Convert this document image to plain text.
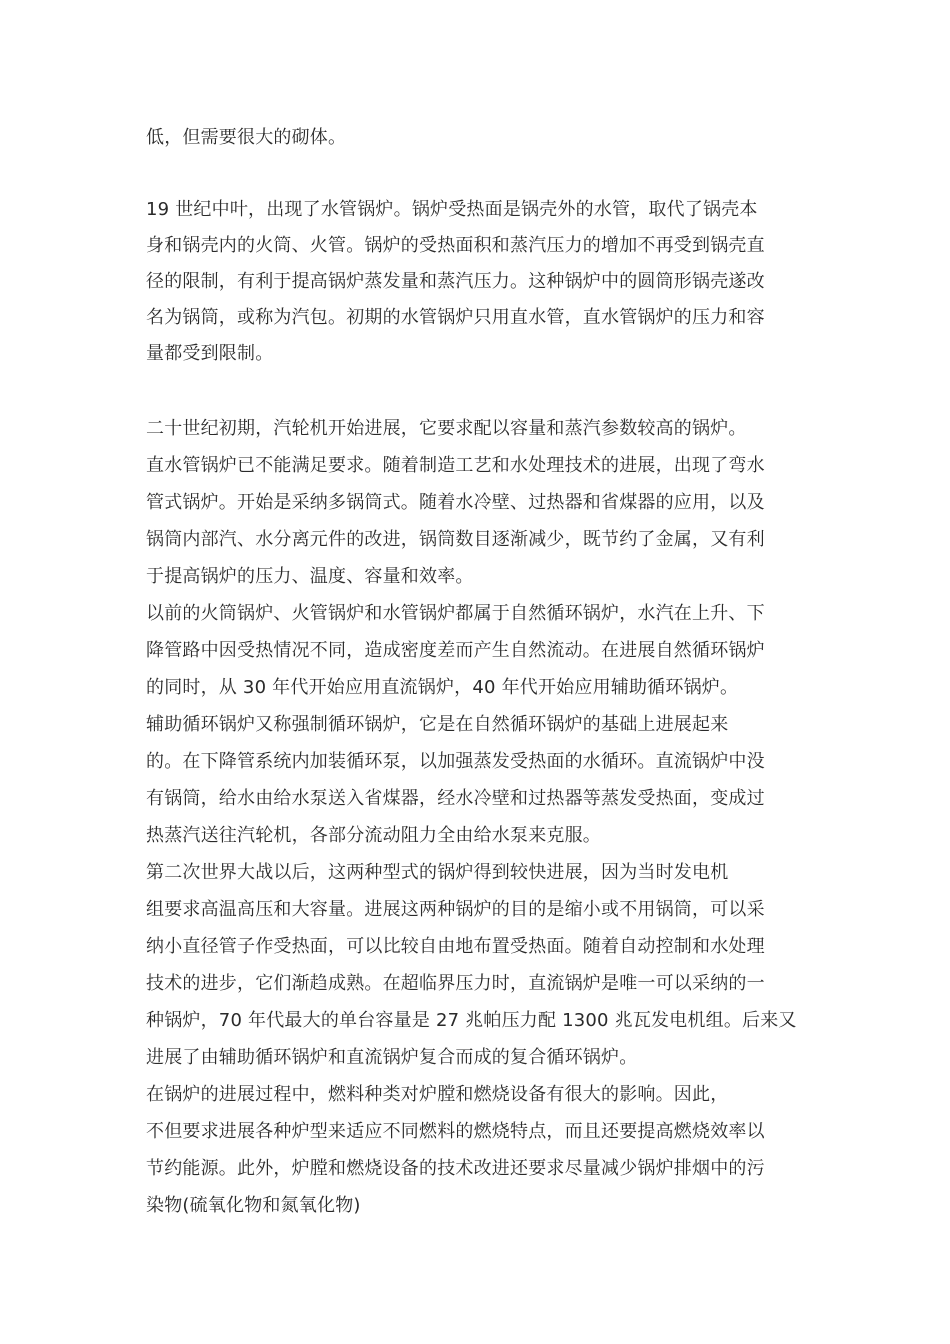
低，但需要很大的砌体。
19 世纪中叶，出现了水管锅炉。锅炉受热面是锅壳外的水管，取代了锅壳本
身和锅壳内的火筒、火管。锅炉的受热面积和蒸汽压力的增加不再受到锅壳直
径的限制，有利于提高锅炉蒸发量和蒸汽压力。这种锅炉中的圆筒形锅壳遂改
名为锅筒，或称为汽包。初期的水管锅炉只用直水管，直水管锅炉的压力和容
量都受到限制。
二十世纪初期，汽轮机开始进展，它要求配以容量和蒸汽参数较高的锅炉。
直水管锅炉已不能满足要求。随着制造工艺和水处理技术的进展，出现了弯水
管式锅炉。开始是采纳多锅筒式。随着水冷壁、过热器和省煤器的应用，以及
锅筒内部汽、水分离元件的改进，锅筒数目逐渐减少，既节约了金属，又有利
于提高锅炉的压力、温度、容量和效率。
以前的火筒锅炉、火管锅炉和水管锅炉都属于自然循环锅炉，水汽在上升、下
降管路中因受热情况不同，造成密度差而产生自然流动。在进展自然循环锅炉
的同时，从 30 年代开始应用直流锅炉，40 年代开始应用辅助循环锅炉。
辅助循环锅炉又称强制循环锅炉，它是在自然循环锅炉的基础上进展起来
的。在下降管系统内加装循环泵，以加强蒸发受热面的水循环。直流锅炉中没
有锅筒，给水由给水泵送入省煤器，经水冷壁和过热器等蒸发受热面，变成过
热蒸汽送往汽轮机，各部分流动阻力全由给水泵来克服。
第二次世界大战以后，这两种型式的锅炉得到较快进展，因为当时发电机
组要求高温高压和大容量。进展这两种锅炉的目的是缩小或不用锅筒，可以采
纳小直径管子作受热面，可以比较自由地布置受热面。随着自动控制和水处理
技术的进步，它们渐趋成熟。在超临界压力时，直流锅炉是唯一可以采纳的一
种锅炉，70 年代最大的单台容量是 27 兆帕压力配 1300 兆瓦发电机组。后来又
进展了由辅助循环锅炉和直流锅炉复合而成的复合循环锅炉。
在锅炉的进展过程中，燃料种类对炉膛和燃烧设备有很大的影响。因此，
不但要求进展各种炉型来适应不同燃料的燃烧特点，而且还要提高燃烧效率以
节约能源。此外，炉膛和燃烧设备的技术改进还要求尽量减少锅炉排烟中的污
染物(硫氧化物和氮氧化物)
